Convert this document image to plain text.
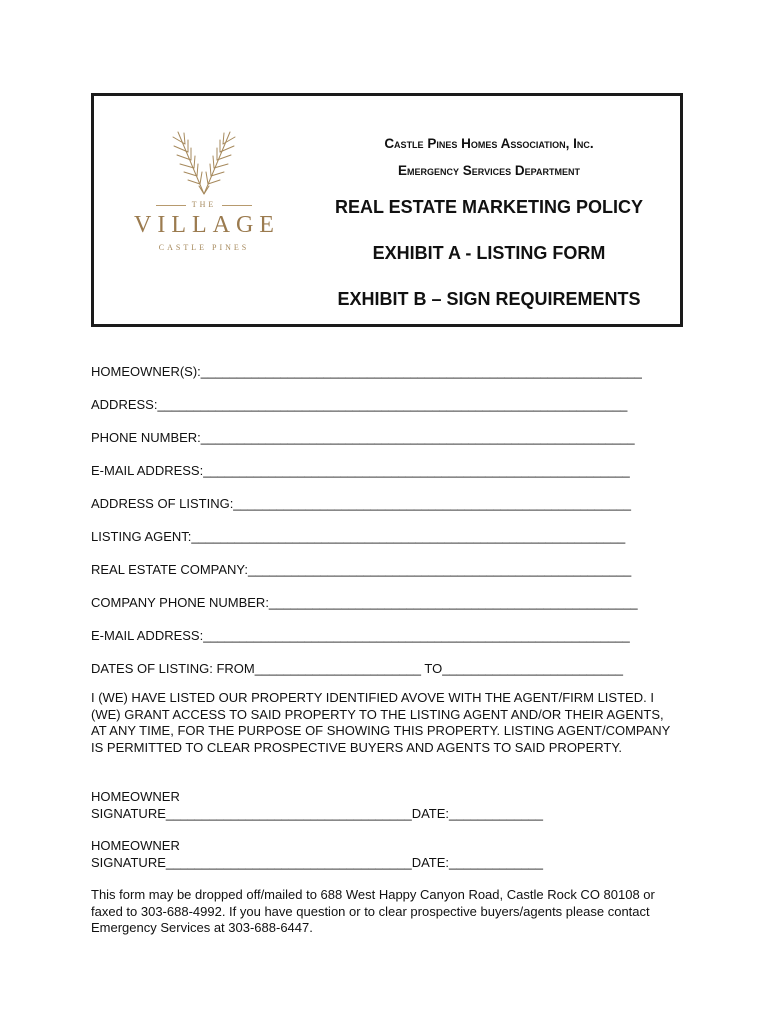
THE
VILLAGE
CASTLE PINES
Castle Pines Homes Association, Inc.
Emergency Services Department
REAL ESTATE MARKETING POLICY
EXHIBIT A - LISTING FORM
EXHIBIT B – SIGN REQUIREMENTS
HOMEOWNER(S):_____________________________________________________________
ADDRESS:_________________________________________________________________
PHONE NUMBER:____________________________________________________________
E-MAIL ADDRESS:___________________________________________________________
ADDRESS OF LISTING:_______________________________________________________
LISTING AGENT:____________________________________________________________
REAL ESTATE COMPANY:_____________________________________________________
COMPANY PHONE NUMBER:___________________________________________________
E-MAIL ADDRESS:___________________________________________________________
DATES OF LISTING: FROM_______________________ TO_________________________
I (WE) HAVE LISTED OUR PROPERTY IDENTIFIED AVOVE WITH THE AGENT/FIRM LISTED. I (WE) GRANT ACCESS TO SAID PROPERTY TO THE LISTING AGENT AND/OR THEIR AGENTS, AT ANY TIME, FOR THE PURPOSE OF SHOWING THIS PROPERTY. LISTING AGENT/COMPANY IS PERMITTED TO CLEAR PROSPECTIVE BUYERS AND AGENTS TO SAID PROPERTY.
HOMEOWNER
SIGNATURE__________________________________DATE:_____________
HOMEOWNER
SIGNATURE__________________________________DATE:_____________
This form may be dropped off/mailed to 688 West Happy Canyon Road, Castle Rock CO 80108 or faxed to 303-688-4992. If you have question or to clear prospective buyers/agents please contact Emergency Services at 303-688-6447.
